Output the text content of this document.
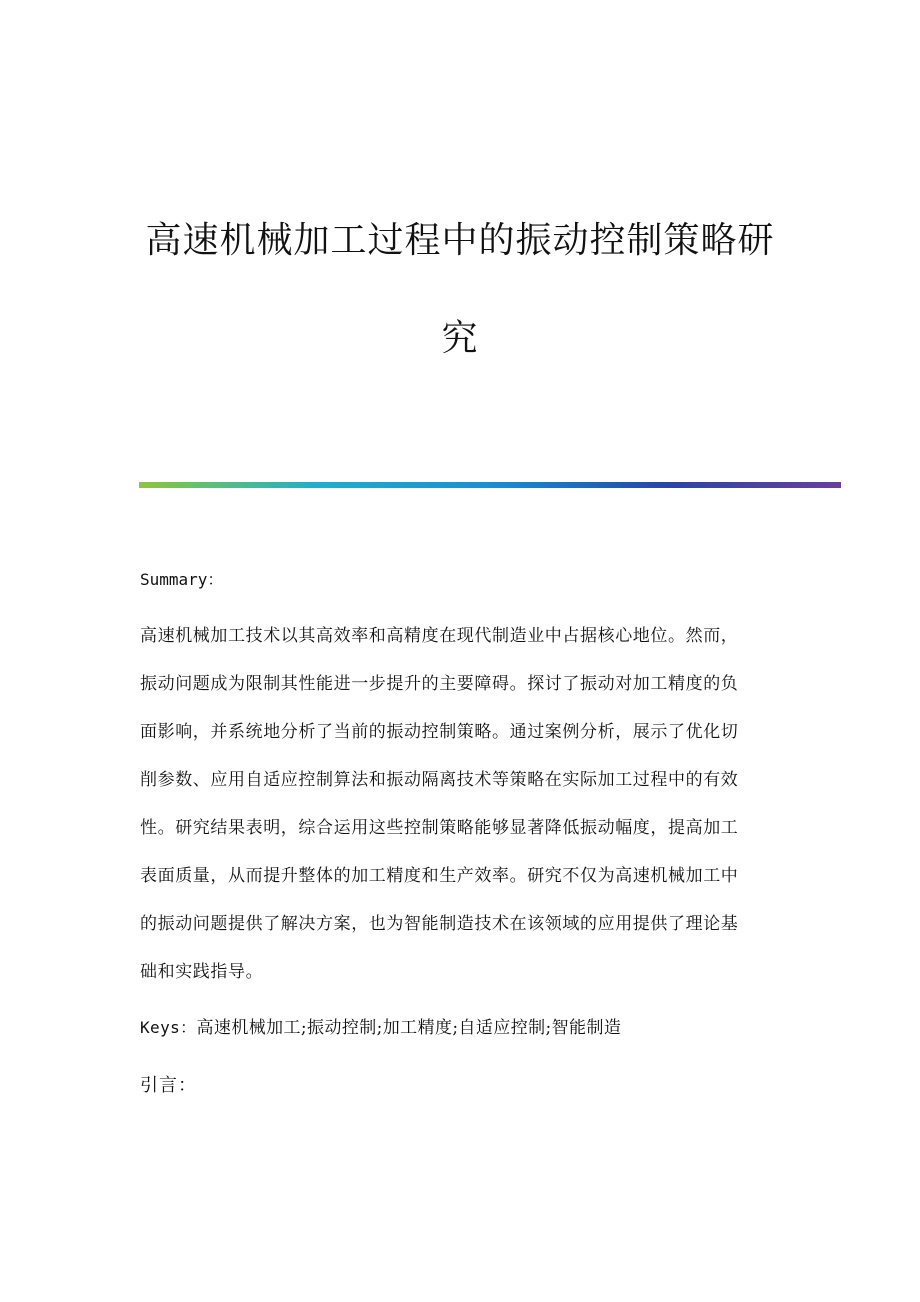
高速机械加工过程中的振动控制策略研
究
Summary：
高速机械加工技术以其高效率和高精度在现代制造业中占据核心地位。然而，
振动问题成为限制其性能进一步提升的主要障碍。探讨了振动对加工精度的负
面影响，并系统地分析了当前的振动控制策略。通过案例分析，展示了优化切
削参数、应用自适应控制算法和振动隔离技术等策略在实际加工过程中的有效
性。研究结果表明，综合运用这些控制策略能够显著降低振动幅度，提高加工
表面质量，从而提升整体的加工精度和生产效率。研究不仅为高速机械加工中
的振动问题提供了解决方案，也为智能制造技术在该领域的应用提供了理论基
础和实践指导。
Keys：高速机械加工;振动控制;加工精度;自适应控制;智能制造
引言：
